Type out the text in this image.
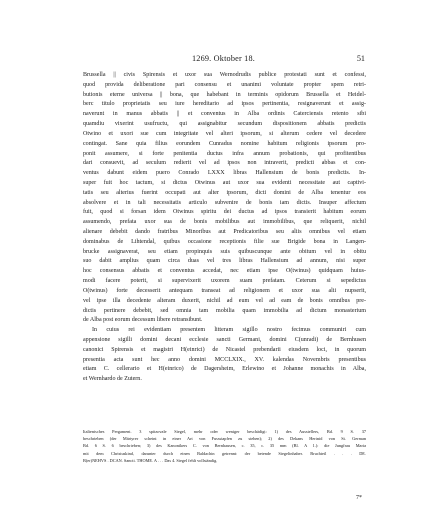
1269. Oktober 18.	51
Brussella || civis Spirensis et uxor sua Wernodrudis publice protestati sunt et confessi,
quod provida deliberatione pari consensu et unanimi voluntate propter spem retri-
butionis eterne universa || bona, que habebant in terminis opidorum Brussella et Heidel-
berc titulo proprietatis seu iure hereditario ad ipsos pertinentia, resignaverunt et assig-
naverunt in manus abbatis || et conventus in Alba ordinis Caterciensis retento sibi
quamdiu vixerint usufructu, qui assignabitur secundum dispositionem abbatis predictis
Otwino et uxori sue cum integritate vel alteri ipsorum, si alterum cedere vel decedere
contingat. Sane quia filius eorundem Cunradus nomine habitum religionis ipsorum pro-
ponit assumere, si forte penitentia ductus infra annum probationis, qui profitentibus
dari consuevit, ad seculum redierit vel ad ipsos non intraverit, predicti abbas et con-
ventus dabunt eidem puero Conrado LXXX libras Hallensium de bonis predictis. In-
super fuit hoc tactum, si dictus Otwinus aut uxor sua evidenti necessitate aut captivi-
tatis seu alterius fuerint occupati aut alter ipsorum, dicti domini de Alba tenentur eos
absolvere et in tali necessitatis articulo subvenire de bonis iam dictis. Insuper affectum
fuit, quod si forsan idem Otwinus spiritu dei ductus ad ipsos transierit habitum eorum
assumendo, prefata uxor sua de bonis mobilibus aut immobilibus, que reliquerit, nichil
alienare debebit dando fratribus Minoribus aut Predicatoribus seu aliis omnibus vel etiam
dominabus de Lihtendal, quibus occasione receptionis filie sue Brigide bona in Langen-
brucke assignaverat, seu etiam propinquis suis quibuscunque ante obitum vel in obitu
suo dabit amplius quam circa duas vel tres libras Hallensium ad annum, nisi super
hoc consensus abbatis et conventus accedat, nec etiam ipse O(twinus) quidquam huius-
modi facere poterit, si supervixerit uxorem suam prefatam. Ceterum si sepedictus
O(twinus) forte decesserit antequam transeat ad religionem et uxor sua alii nupserit,
vel ipse illa decedente alteram duxerit, nichil ad eum vel ad eam de bonis omnibus pre-
dictis pertinere debebit, sed omnia tam mobilia quam immobilia ad dictum monasterium
de Alba post eorum decessum libere retransibunt.
In cuius rei evidentiam presentem litteram sigillo nostro fecimus communiri cum
appensione sigilli domini decani ecclesie sancti Germani, domini C(unradi) de Bernhusen
canonici Spirensis et magistri H(einrici) de Nicastel prebendarii eiusdem loci, in quorum
presentia acta sunt hec anno domini MCCLXIX., XV. kalendas Novembris presentibus
etiam C. cellerario et H(einrico) de Dagersheim, Erlewino et Johanne monachis in Alba,
et Wernhardo de Zutern.
Italienisches Pergament. 3 spitzovale Siegel, mehr oder weniger beschädigt: 1) des Ausstellers, Bd. 9 S. 37
beschrieben (der Märtyrer scheint in einer Art von Fussstapfen zu stehen); 2) des Dekans Hertnid von St. German
Bd. 6 S. 6 beschrieben; 3) des Kanonikers C. von Bernhausen, c. 35, c. 35 mm (Bl. A 1.): die Jungfrau Maria
mit dem Christuskind, darunter durch einen Baldachin getrennt: der betende Siegelinhaber. Bruchteil . . . DE.
B(er)NEHVS . DCAN. Sancti. THOME. A . . . Das 4. Siegel fehlt vollständig.
7*
